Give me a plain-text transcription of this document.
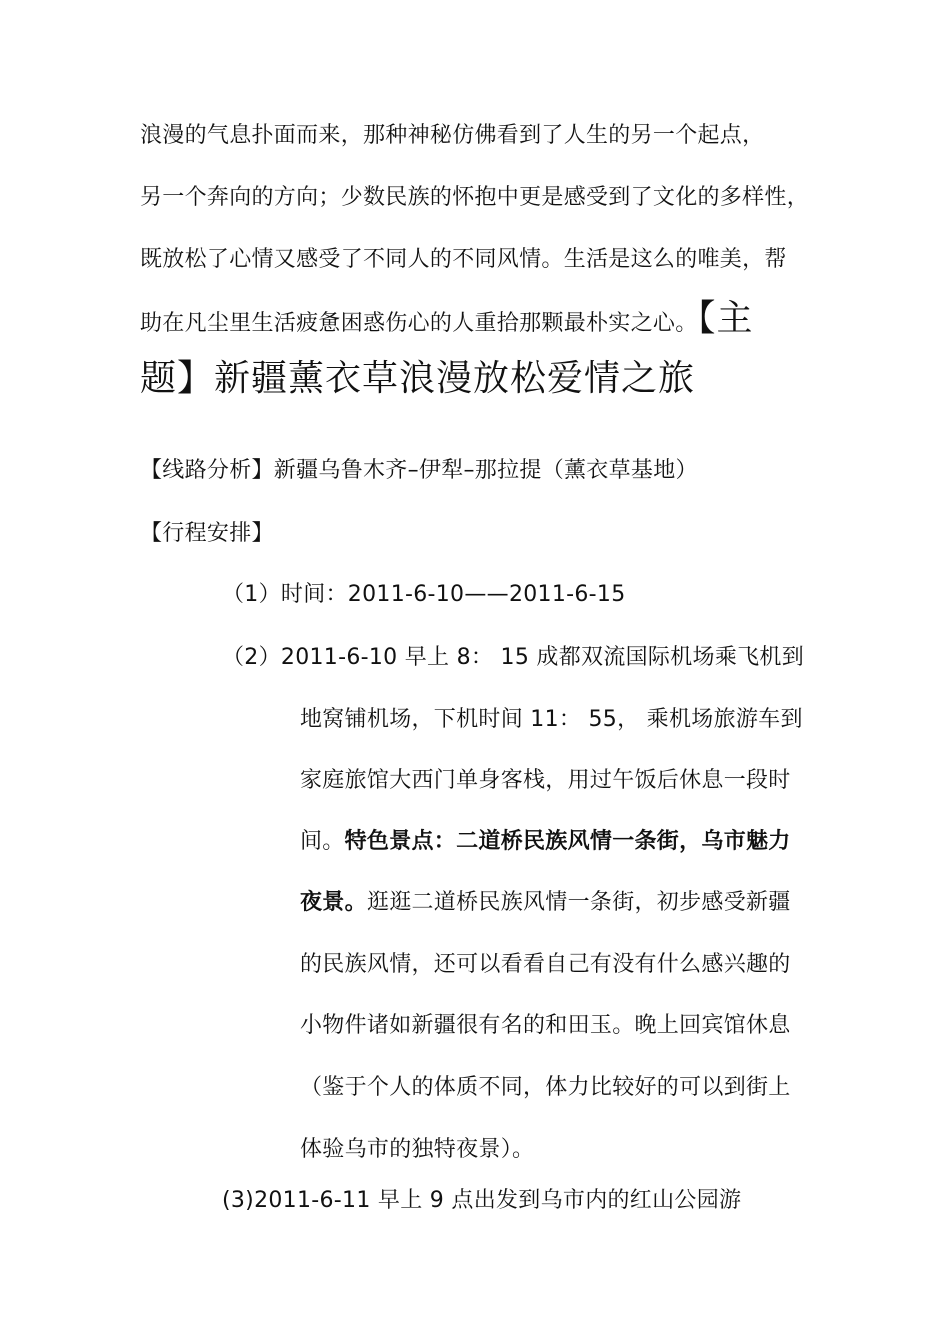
浪漫的气息扑面而来，那种神秘仿佛看到了人生的另一个起点，
另一个奔向的方向；少数民族的怀抱中更是感受到了文化的多样性，
既放松了心情又感受了不同人的不同风情。生活是这么的唯美，帮
助在凡尘里生活疲惫困惑伤心的人重拾那颗最朴实之心。【主
题】新疆薰衣草浪漫放松爱情之旅
【线路分析】新疆乌鲁木齐–伊犁–那拉提（薰衣草基地）
【行程安排】
（1）时间：2011-6-10——2011-6-15
（2）2011-6-10 早上 8： 15 成都双流国际机场乘飞机到
地窝铺机场，下机时间 11： 55， 乘机场旅游车到
家庭旅馆大西门单身客栈，用过午饭后休息一段时
间。特色景点：二道桥民族风情一条街，乌市魅力
夜景。逛逛二道桥民族风情一条街，初步感受新疆
的民族风情，还可以看看自己有没有什么感兴趣的
小物件诸如新疆很有名的和田玉。晚上回宾馆休息
（鉴于个人的体质不同，体力比较好的可以到街上
体验乌市的独特夜景）。
(3)2011-6-11 早上 9 点出发到乌市内的红山公园游
